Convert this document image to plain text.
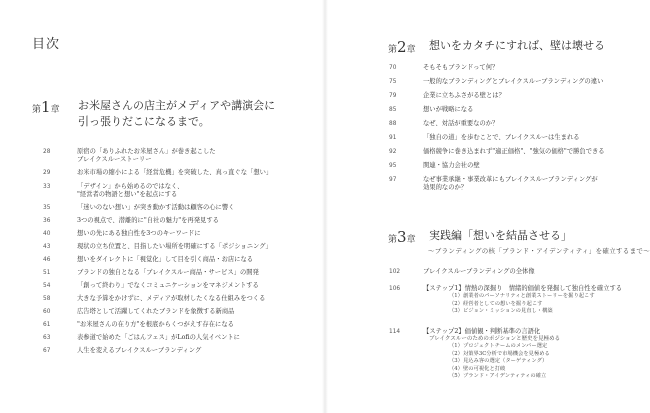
目次
第1章 お米屋さんの店主がメディアや講演会に
引っ張りだこになるまで。
28	原宿の「ありふれたお米屋さん」が巻き起こした
ブレイクスルーストーリー
29	お米市場の縮小による「経営危機」を突破した、真っ直ぐな「想い」
33	「デザイン」から始めるのではなく、
"経営者の物語と想い"を起点にする
35	「迷いのない想い」が突き動かす活動は顧客の心に響く
36	3つの視点で、潜離的に"自社の魅力"を再発見する
40	想いの先にある独自性を3つのキーワードに
43	現状の立ち位置と、目指したい場所を明確にする「ポジショニング」
46	想いをダイレクトに「視覚化」して目を引く商品・お店になる
51	ブランドの独自となる「ブレイクスルー商品・サービス」の開発
54	「創って終わり」でなくコミュニケーションをマネジメントする
58	大きな予算をかけずに、メディアが取材したくなる仕組みをつくる
60	広告塔として活躍してくれたブランドを象徴する新商品
61	"お米屋さんの在り方"を根底からくつがえす存在になる
63	表参道で始めた「ごはんフェス」がLofiの人気イベントに
67	人生を変えるブレイクスルーブランディング
第2章 想いをカタチにすれば、壁は壊せる
70	そもそもブランドって何？
75	一般的なブランディングとブレイクスルーブランディングの違い
79	企業に立ちふさがる壁とは？
85	想いが戦略になる
88	なぜ、対話が重要なのか？
91	「独自の道」を歩むことで、ブレイクスルーは生まれる
92	価格競争に巻き込まれず"適正価格"、"強気の価格"で勝負できる
95	関連・協力会社の壁
97	なぜ事業承継・事業改革にもブレイクスルーブランディングが
効果的なのか？
第3章 実践編「想いを結晶させる」
〜ブランディングの核「ブランド・アイデンティティ」を確立するまで〜
102	ブレイクスルーブランディングの全体像
106	【ステップ1】情熱の深掘り　情緒的価値を発掘して独自性を確立する
（1）創業者のパーソナリティと創業ストーリーを掘り起こす
（2）経営者としての想いを掘り起こす
（3）ビジョン・ミッションの見直し・構築
114	【ステップ2】価値観・判断基準の言語化
ブレイクスルーのためのポジションと歴史を見極める
（1）プロジェクトチームのメンバー選定
（2）対策界3C分析で市場機会を見極める
（3）見込み客の選定（ターゲティング）
（4）壁の可視化と打破
（5）ブランド・アイデンティティの確立
